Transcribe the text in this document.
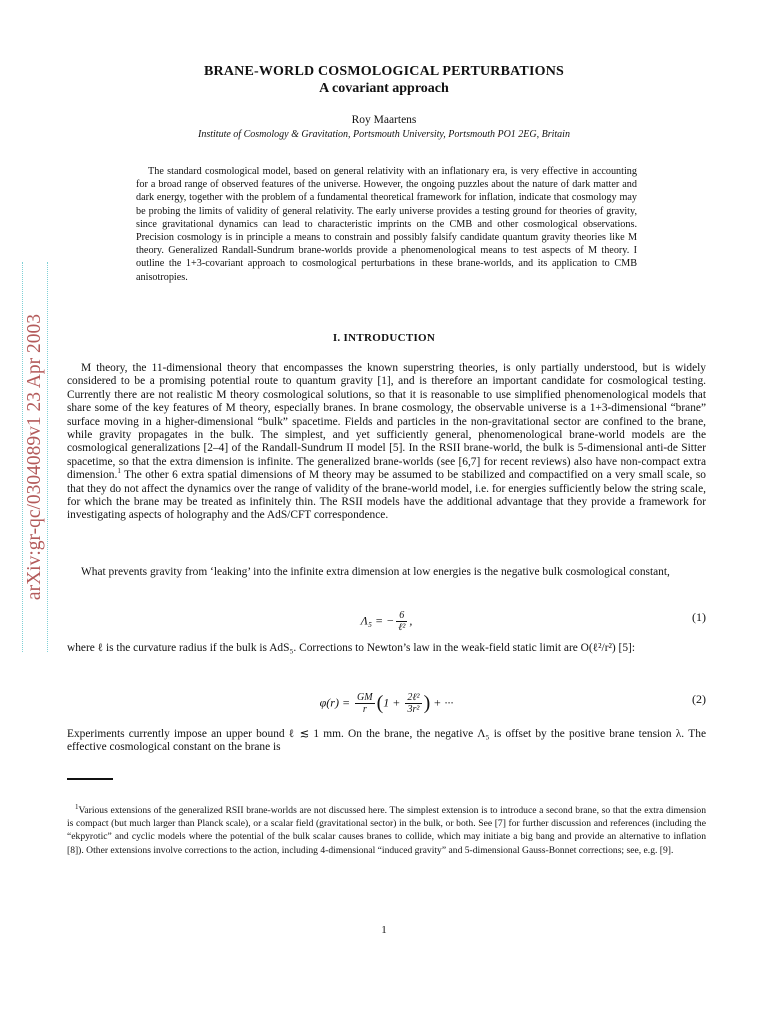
arXiv:gr-qc/0304089v1 23 Apr 2003
BRANE-WORLD COSMOLOGICAL PERTURBATIONS
A covariant approach
Roy Maartens
Institute of Cosmology & Gravitation, Portsmouth University, Portsmouth PO1 2EG, Britain

The standard cosmological model, based on general relativity with an inflationary era, is very effective in accounting for a broad range of observed features of the universe. However, the ongoing puzzles about the nature of dark matter and dark energy, together with the problem of a fundamental theoretical framework for inflation, indicate that cosmology may be probing the limits of validity of general relativity. The early universe provides a testing ground for theories of gravity, since gravitational dynamics can lead to characteristic imprints on the CMB and other cosmological observations. Precision cosmology is in principle a means to constrain and possibly falsify candidate quantum gravity theories like M theory. Generalized Randall-Sundrum brane-worlds provide a phenomenological means to test aspects of M theory. I outline the 1+3-covariant approach to cosmological perturbations in these brane-worlds, and its application to CMB anisotropies.

I. INTRODUCTION

M theory, the 11-dimensional theory that encompasses the known superstring theories, is only partially understood, but is widely considered to be a promising potential route to quantum gravity [1], and is therefore an important candidate for cosmological testing. Currently there are not realistic M theory cosmological solutions, so that it is reasonable to use simplified phenomenological models that share some of the key features of M theory, especially branes. In brane cosmology, the observable universe is a 1+3-dimensional “brane” surface moving in a higher-dimensional “bulk” spacetime. Fields and particles in the non-gravitational sector are confined to the brane, while gravity propagates in the bulk. The simplest, and yet sufficiently general, phenomenological brane-world models are the cosmological generalizations [2–4] of the Randall-Sundrum II model [5]. In the RSII brane-world, the bulk is 5-dimensional anti-de Sitter spacetime, so that the extra dimension is infinite. The generalized brane-worlds (see [6,7] for recent reviews) also have non-compact extra dimension.$^1$ The other 6 extra spatial dimensions of M theory may be assumed to be stabilized and compactified on a very small scale, so that they do not affect the dynamics over the range of validity of the brane-world model, i.e. for energies sufficiently below the string scale, for which the brane may be treated as infinitely thin. The RSII models have the additional advantage that they provide a framework for investigating aspects of holography and the AdS/CFT correspondence.

What prevents gravity from ‘leaking’ into the infinite extra dimension at low energies is the negative bulk cosmological constant,

Λ₅ = − $\frac{6}{\text{ℓ²}}$ ,	(1)

where ℓ is the curvature radius if the bulk is AdS₅. Corrections to Newton’s law in the weak-field static limit are O(ℓ²/r²) [5]:

$\varphi(r) = \frac{GM}{r} (1 + \frac{\text{2ℓ²}}{\text{3r²}}$ ) + ···	(2)

Experiments currently impose an upper bound ℓ ≲ 1 mm. On the brane, the negative Λ₅ is offset by the positive brane tension λ. The effective cosmological constant on the brane is

$^1$Various extensions of the generalized RSII brane-worlds are not discussed here. The simplest extension is to introduce a second brane, so that the extra dimension is compact (but much larger than Planck scale), or a scalar field (gravitational sector) in the bulk, or both. See [7] for further discussion and references (including the “ekpyrotic” and cyclic models where the potential of the bulk scalar causes branes to collide, which may initiate a big bang and provide an alternative to inflation [8]). Other extensions involve corrections to the action, including 4-dimensional “induced gravity” and 5-dimensional Gauss-Bonnet corrections; see, e.g. [9].

1
